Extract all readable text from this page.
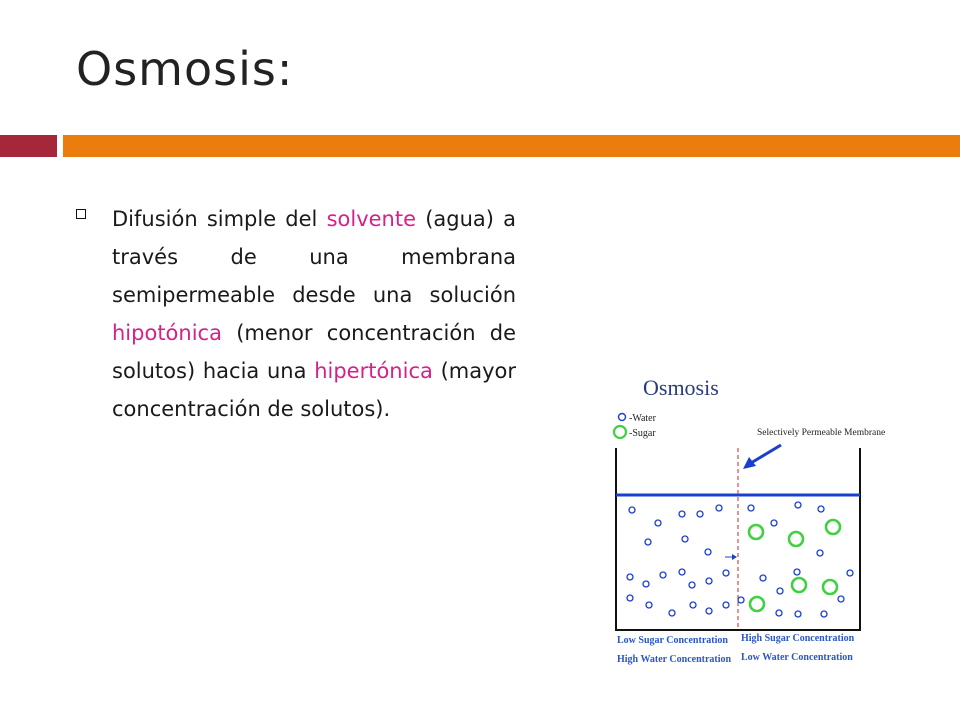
Osmosis:
Difusión simple del solvente (agua) a través de una membrana semipermeable desde una solución hipotónica (menor concentración de solutos) hacia una hipertónica (mayor concentración de solutos).
Osmosis
-Water
-Sugar	Selectively Permeable Membrane
Low Sugar Concentration
High Water Concentration
High Sugar Concentration
Low Water Concentration
